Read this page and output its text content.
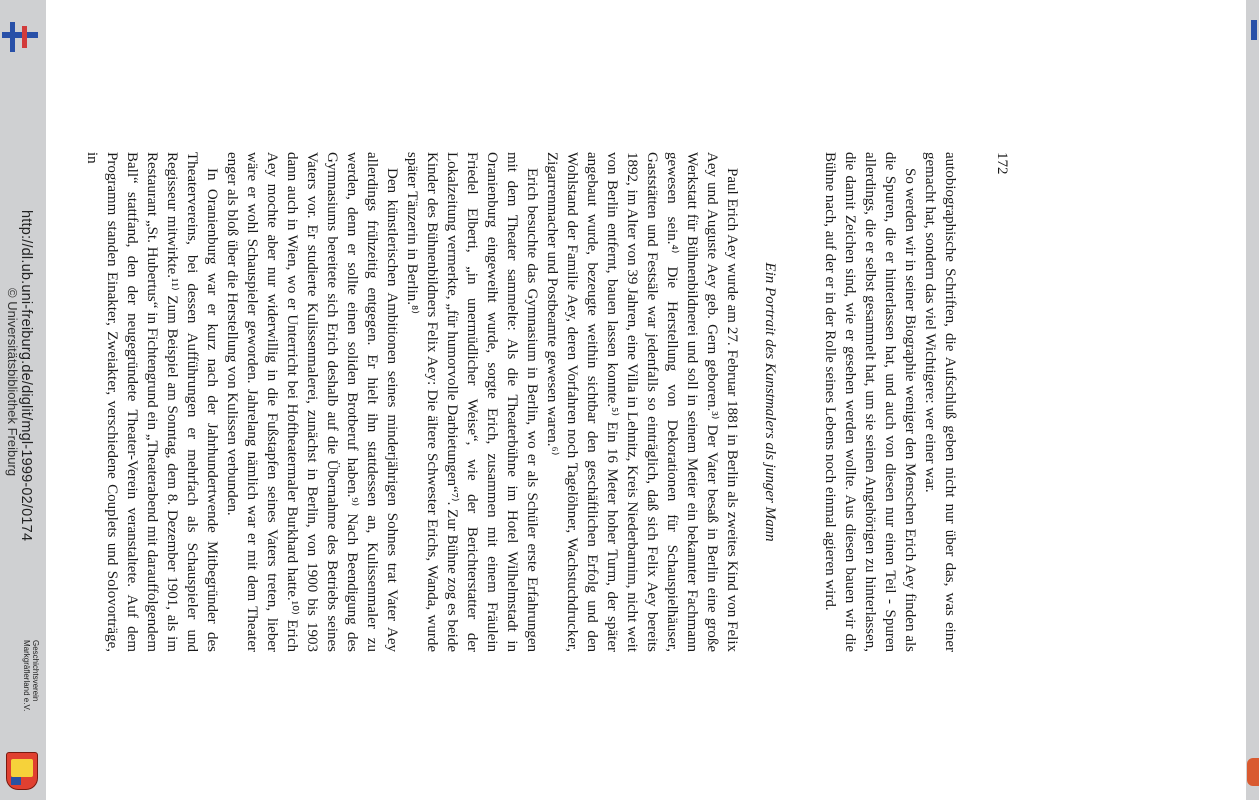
http://dl.ub.uni-freiburg.de/diglit/mgl-1999-02/0174
© Universitätsbibliothek Freiburg
Geschichtsverein
Markgräflerland e.V.
172

autobiographische Schriften, die Aufschluß geben nicht nur über das, was einer gemacht hat, sondern das viel Wichtigere: wer einer war.

So werden wir in seiner Biographie weniger den Menschen Erich Aey finden als die Spuren, die er hinterlassen hat, und auch von diesen nur einen Teil - Spuren allerdings, die er selbst gesammelt hat, um sie seinen Angehörigen zu hinterlassen, die damit Zeichen sind, wie er gesehen werden wollte. Aus diesen bauen wir die Bühne nach, auf der er in der Rolle seines Lebens noch einmal agieren wird.

Ein Portrait des Kunstmalers als junger Mann

Paul Erich Aey wurde am 27. Februar 1881 in Berlin als zweites Kind von Felix Aey und Auguste Aey geb. Gern geboren.³⁾ Der Vater besaß in Berlin eine große Werkstatt für Bühnenbildnerei und soll in seinem Metier ein bekannter Fachmann gewesen sein.⁴⁾ Die Herstellung von Dekorationen für Schauspielhäuser, Gaststätten und Festsäle war jedenfalls so einträglich, daß sich Felix Aey bereits 1892, im Alter von 39 Jahren, eine Villa in Lehnitz, Kreis Niederbarnim, nicht weit von Berlin entfernt, bauen lassen konnte.⁵⁾ Ein 16 Meter hoher Turm, der später angebaut wurde, bezeugte weithin sichtbar den geschäftlichen Erfolg und den Wohlstand der Familie Aey, deren Vorfahren noch Tagelöhner, Wachstuchdrucker, Zigarrenmacher und Postbeamte gewesen waren.⁶⁾

Erich besuchte das Gymnasium in Berlin, wo er als Schüler erste Erfahrungen mit dem Theater sammelte: Als die Theaterbühne im Hotel Wilhelmstadt in Oranienburg eingeweiht wurde, sorgte Erich, zusammen mit einem Fräulein Friedel Elberti, „in unermüdlicher Weise“, wie der Berichterstatter der Lokalzeitung vermerkte, „für humorvolle Darbietungen“⁷⁾. Zur Bühne zog es beide Kinder des Bühnenbildners Felix Aey: Die ältere Schwester Erichs, Wanda, wurde später Tänzerin in Berlin.⁸⁾

Den künstlerischen Ambitionen seines minderjährigen Sohnes trat Vater Aey allerdings frühzeitig entgegen. Er hielt ihn stattdessen an, Kulissenmaler zu werden, denn er sollte einen soliden Brotberuf haben.⁹⁾ Nach Beendigung des Gymnasiums bereitete sich Erich deshalb auf die Übernahme des Betriebs seines Vaters vor. Er studierte Kulissenmalerei, zunächst in Berlin, von 1900 bis 1903 dann auch in Wien, wo er Unterricht bei Hoftheatermaler Burkhard hatte.¹⁰⁾ Erich Aey mochte aber nur widerwillig in die Fußstapfen seines Vaters treten, lieber wäre er wohl Schauspieler geworden. Jahrelang nämlich war er mit dem Theater enger als bloß über die Herstellung von Kulissen verbunden.

In Oranienburg war er kurz nach der Jahrhundertwende Mitbegründer des Theatervereins, bei dessen Aufführungen er mehrfach als Schauspieler und Regisseur mitwirkte.¹¹⁾ Zum Beispiel am Sonntag, dem 8. Dezember 1901, als im Restaurant „St. Hubertus“ in Fichtengrund ein „Theaterabend mit darauffolgendem Ball“ stattfand, den der neugegründete Theater-Verein veranstaltete. Auf dem Programm standen Einakter, Zweiakter, verschiedene Couplets und Solovorträge, in
